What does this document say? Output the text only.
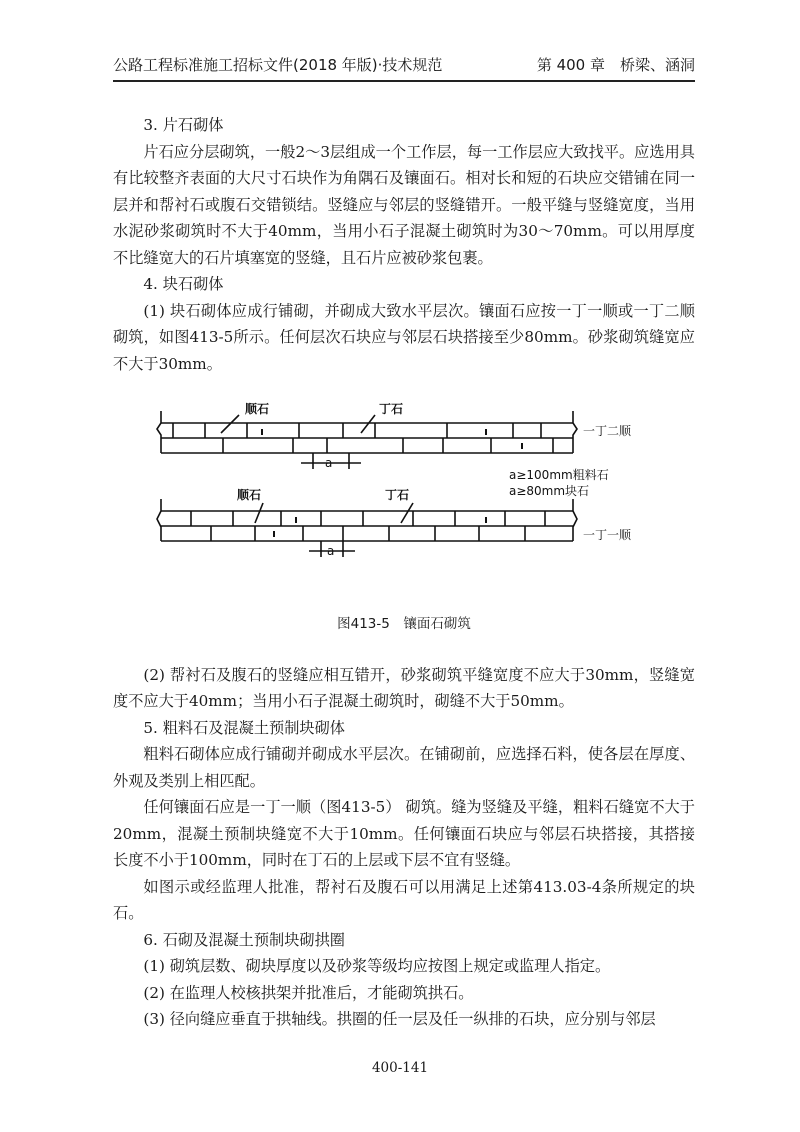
公路工程标准施工招标文件(2018 年版)·技术规范	第 400 章　桥梁、涵洞

3. 片石砌体

片石应分层砌筑，一般2～3层组成一个工作层，每一工作层应大致找平。应选用具有比较整齐表面的大尺寸石块作为角隅石及镶面石。相对长和短的石块应交错铺在同一层并和帮衬石或腹石交错锁结。竖缝应与邻层的竖缝错开。一般平缝与竖缝宽度，当用水泥砂浆砌筑时不大于40mm，当用小石子混凝土砌筑时为30～70mm。可以用厚度不比缝宽大的石片填塞宽的竖缝，且石片应被砂浆包裹。

4. 块石砌体

(1) 块石砌体应成行铺砌，并砌成大致水平层次。镶面石应按一丁一顺或一丁二顺砌筑，如图413-5所示。任何层次石块应与邻层石块搭接至少80mm。砂浆砌筑缝宽应不大于30mm。

顺石	丁石
a
一丁二顺
a≥100mm粗料石
a≥80mm块石
顺石	丁石
a
一丁一顺
图413-5　镶面石砌筑

(2) 帮衬石及腹石的竖缝应相互错开，砂浆砌筑平缝宽度不应大于30mm，竖缝宽度不应大于40mm；当用小石子混凝土砌筑时，砌缝不大于50mm。

5. 粗料石及混凝土预制块砌体

粗料石砌体应成行铺砌并砌成水平层次。在铺砌前，应选择石料，使各层在厚度、外观及类别上相匹配。

任何镶面石应是一丁一顺（图413-5） 砌筑。缝为竖缝及平缝，粗料石缝宽不大于20mm，混凝土预制块缝宽不大于10mm。任何镶面石块应与邻层石块搭接，其搭接长度不小于100mm，同时在丁石的上层或下层不宜有竖缝。

如图示或经监理人批准，帮衬石及腹石可以用满足上述第413.03-4条所规定的块石。

6. 石砌及混凝土预制块砌拱圈

(1) 砌筑层数、砌块厚度以及砂浆等级均应按图上规定或监理人指定。

(2) 在监理人校核拱架并批准后，才能砌筑拱石。

(3) 径向缝应垂直于拱轴线。拱圈的任一层及任一纵排的石块，应分别与邻层

400-141
